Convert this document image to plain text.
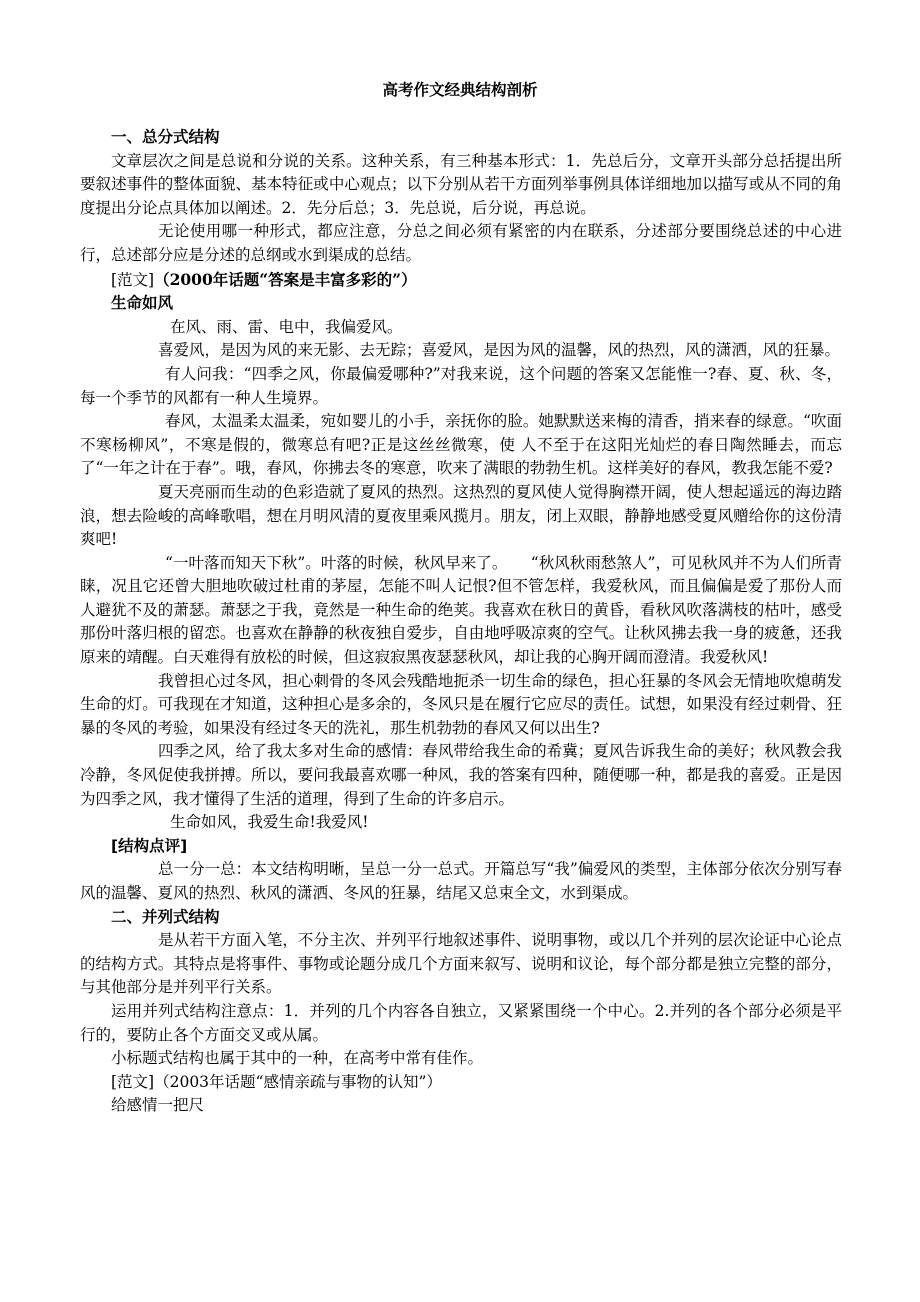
高考作文经典结构剖析

一、总分式结构

文章层次之间是总说和分说的关系。这种关系，有三种基本形式：1．先总后分，文章开头部分总括提出所要叙述事件的整体面貌、基本特征或中心观点；以下分别从若干方面列举事例具体详细地加以描写或从不同的角度提出分论点具体加以阐述。2．先分后总；3．先总说，后分说，再总说。

无论使用哪一种形式，都应注意，分总之间必须有紧密的内在联系，分述部分要围绕总述的中心进行，总述部分应是分述的总纲或水到渠成的总结。

[范文]（2000年话题“答案是丰富多彩的”）

生命如风

在风、雨、雷、电中，我偏爱风。

喜爱风，是因为风的来无影、去无踪；喜爱风，是因为风的温馨，风的热烈，风的潇洒，风的狂暴。

有人问我：“四季之风，你最偏爱哪种?”对我来说，这个问题的答案又怎能惟一?春、夏、秋、冬，每一个季节的风都有一种人生境界。

春风，太温柔太温柔，宛如婴儿的小手，亲抚你的脸。她默默送来梅的清香，捎来春的绿意。“吹面不寒杨柳风”，不寒是假的，微寒总有吧?正是这丝丝微寒，使 人不至于在这阳光灿烂的春日陶然睡去，而忘了“一年之计在于春”。哦，春风，你拂去冬的寒意，吹来了满眼的勃勃生机。这样美好的春风，教我怎能不爱?

夏天亮丽而生动的色彩造就了夏风的热烈。这热烈的夏风使人觉得胸襟开阔，使人想起遥远的海边踏浪，想去险峻的高峰歌唱，想在月明风清的夏夜里乘风揽月。朋友，闭上双眼，静静地感受夏风赠给你的这份清爽吧!

“一叶落而知天下秋”。叶落的时候，秋风早来了。　　“秋风秋雨愁煞人”，可见秋风并不为人们所青睐，况且它还曾大胆地吹破过杜甫的茅屋，怎能不叫人记恨?但不管怎样，我爱秋风，而且偏偏是爱了那份人而人避犹不及的萧瑟。萧瑟之于我，竟然是一种生命的绝荚。我喜欢在秋日的黄昏，看秋风吹落满枝的枯叶，感受那份叶落归根的留恋。也喜欢在静静的秋夜独自爱步，自由地呼吸凉爽的空气。让秋风拂去我一身的疲惫，还我原来的靖醒。白天难得有放松的时候，但这寂寂黑夜瑟瑟秋风，却让我的心胸开阔而澄清。我爱秋风!

我曾担心过冬风，担心刺骨的冬风会残酷地扼杀一切生命的绿色，担心狂暴的冬风会无情地吹熄萌发生命的灯。可我现在才知道，这种担心是多余的，冬风只是在履行它应尽的责任。试想，如果没有经过刺骨、狂暴的冬风的考验，如果没有经过冬天的洗礼，那生机勃勃的春风又何以出生?

四季之风，给了我太多对生命的感情：春风带给我生命的希冀；夏风告诉我生命的美好；秋风教会我冷静，冬风促使我拼搏。所以，要问我最喜欢哪一种风，我的答案有四种，随便哪一种，都是我的喜爱。正是因为四季之风，我才懂得了生活的道理，得到了生命的许多启示。

生命如风，我爱生命!我爱风!

[结构点评]

总一分一总：本文结构明晰，呈总一分一总式。开篇总写“我”偏爱风的类型，主体部分依次分别写春风的温馨、夏风的热烈、秋风的潇洒、冬风的狂暴，结尾又总束全文，水到渠成。

二、并列式结构

是从若干方面入笔，不分主次、并列平行地叙述事件、说明事物，或以几个并列的层次论证中心论点的结构方式。其特点是将事件、事物或论题分成几个方面来叙写、说明和议论，每个部分都是独立完整的部分，与其他部分是并列平行关系。

运用并列式结构注意点：1．并列的几个内容各自独立，又紧紧围绕一个中心。2.并列的各个部分必须是平行的，要防止各个方面交叉或从属。

小标题式结构也属于其中的一种，在高考中常有佳作。

[范文]（2003年话题“感情亲疏与事物的认知”）

给感情一把尺
